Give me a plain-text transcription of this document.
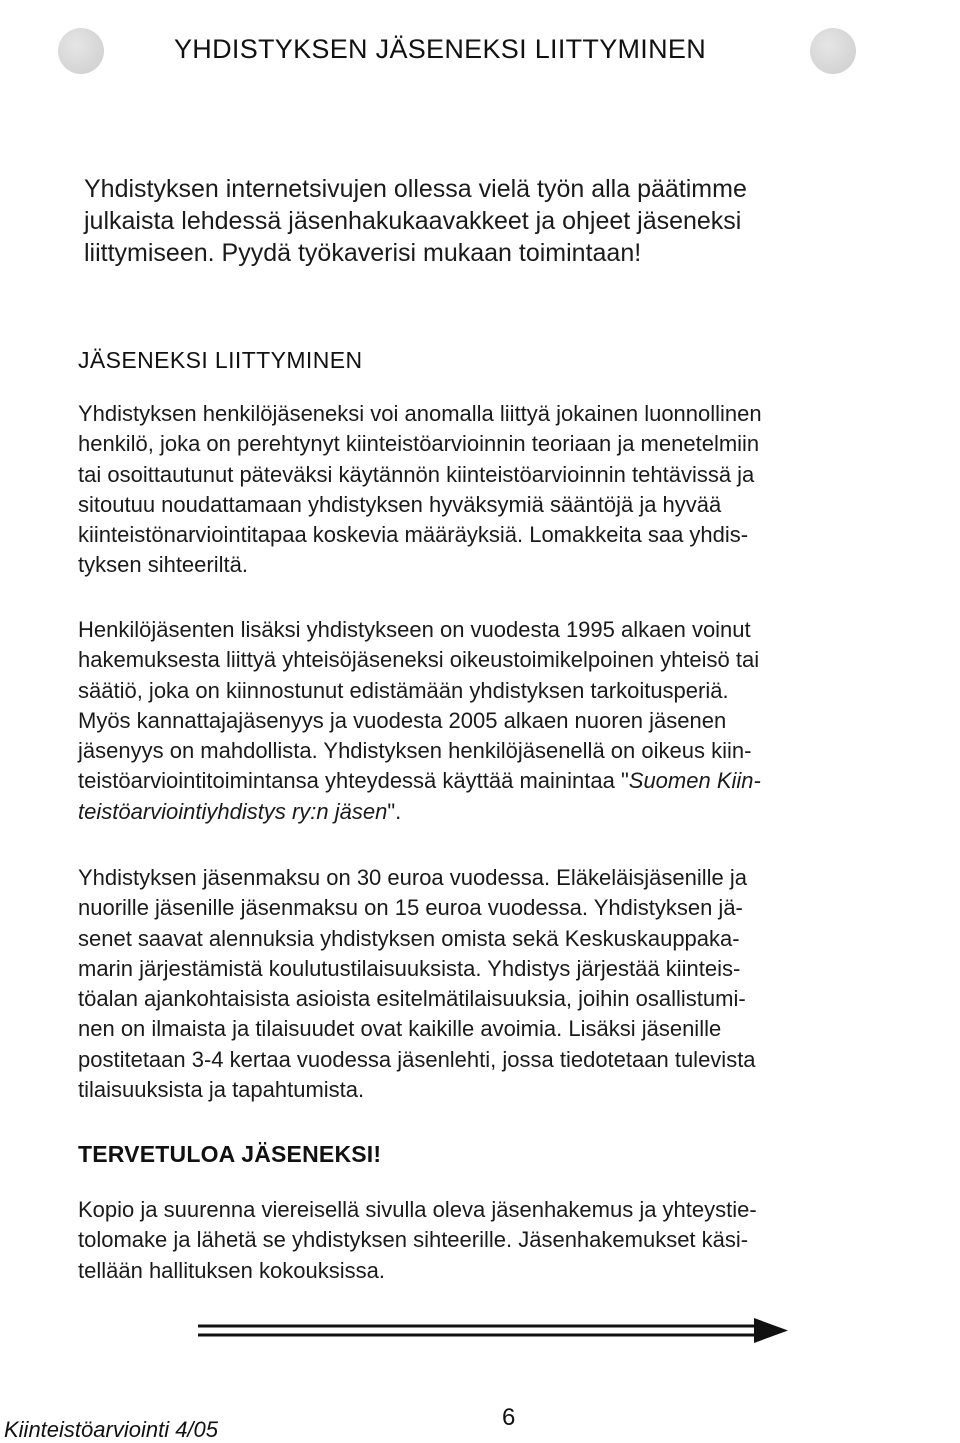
YHDISTYKSEN JÄSENEKSI LIITTYMINEN

Yhdistyksen internetsivujen ollessa vielä työn alla päätimme
julkaista lehdessä jäsenhakukaavakkeet ja ohjeet jäseneksi
liittymiseen. Pyydä työkaverisi mukaan toimintaan!

JÄSENEKSI LIITTYMINEN

Yhdistyksen henkilöjäseneksi voi anomalla liittyä jokainen luonnollinen
henkilö, joka on perehtynyt kiinteistöarvioinnin teoriaan ja menetelmiin
tai osoittautunut päteväksi käytännön kiinteistöarvioinnin tehtävissä ja
sitoutuu noudattamaan yhdistyksen hyväksymiä sääntöjä ja hyvää
kiinteistönarviointitapaa koskevia määräyksiä. Lomakkeita saa yhdis-
tyksen sihteeriltä.

Henkilöjäsenten lisäksi yhdistykseen on vuodesta 1995 alkaen voinut
hakemuksesta liittyä yhteisöjäseneksi oikeustoimikelpoinen yhteisö tai
säätiö, joka on kiinnostunut edistämään yhdistyksen tarkoitusperiä.
Myös kannattajajäsenyys ja vuodesta 2005 alkaen nuoren jäsenen
jäsenyys on mahdollista. Yhdistyksen henkilöjäsenellä on oikeus kiin-
teistöarviointitoimintansa yhteydessä käyttää mainintaa "Suomen Kiin-
teistöarviointiyhdistys ry:n jäsen".

Yhdistyksen jäsenmaksu on 30 euroa vuodessa. Eläkeläisjäsenille ja
nuorille jäsenille jäsenmaksu on 15 euroa vuodessa. Yhdistyksen jä-
senet saavat alennuksia yhdistyksen omista sekä Keskuskauppaka-
marin järjestämistä koulutustilaisuuksista. Yhdistys järjestää kiinteis-
töalan ajankohtaisista asioista esitelmätilaisuuksia, joihin osallistumi-
nen on ilmaista ja tilaisuudet ovat kaikille avoimia. Lisäksi jäsenille
postitetaan 3-4 kertaa vuodessa jäsenlehti, jossa tiedotetaan tulevista
tilaisuuksista ja tapahtumista.

TERVETULOA JÄSENEKSI!

Kopio ja suurenna viereisellä sivulla oleva jäsenhakemus ja yhteystie-
tolomake ja lähetä se yhdistyksen sihteerille. Jäsenhakemukset käsi-
tellään hallituksen kokouksissa.

Kiinteistöarviointi 4/05	6
